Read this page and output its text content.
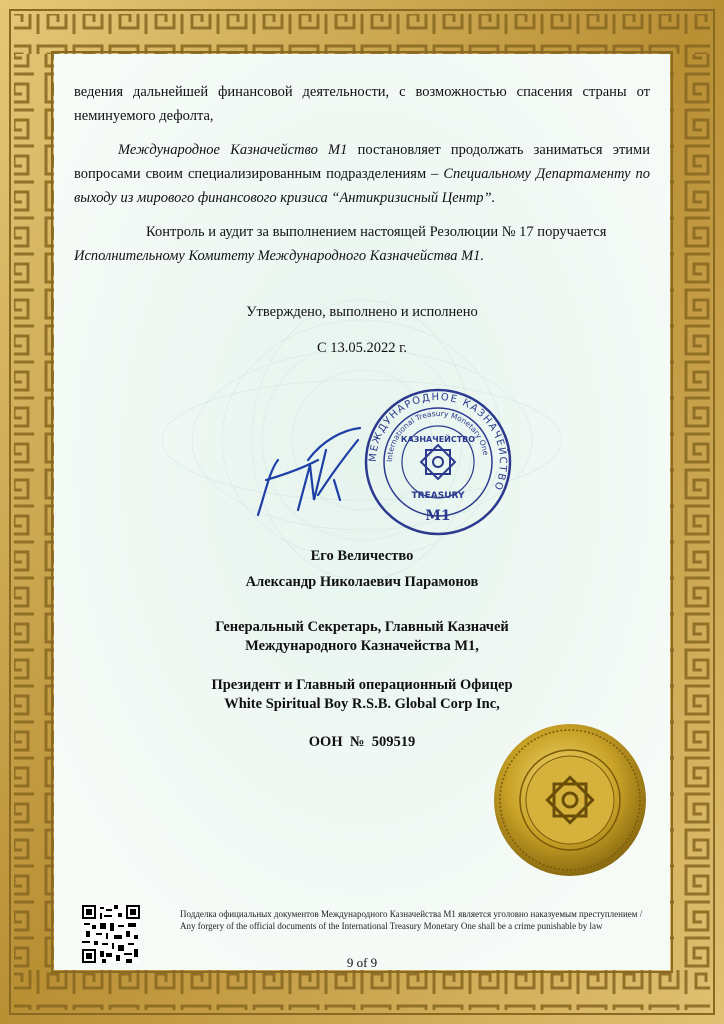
ведения дальнейшей финансовой деятельности, с возможностью спасения страны от неминуемого дефолта,

Международное Казначейство М1 постановляет продолжать заниматься этими вопросами своим специализированным подразделениям – Специальному Департаменту по выходу из мирового финансового кризиса “Антикризисный Центр”.

Контроль и аудит за выполнением настоящей Резолюции № 17 поручается Исполнительному Комитету Международного Казначейства М1.

Утверждено, выполнено и исполнено

С 13.05.2022 г.

МЕЖДУНАРОДНОЕ КАЗНАЧЕЙСТВО
International Treasury Monetary One
КАЗНАЧЕЙСТВО
TREASURY
М1
Его Величество
Александр Николаевич Парамонов
Генеральный Секретарь, Главный Казначей
Международного Казначейства М1,
Президент и Главный операционный Офицер
White Spiritual Boy R.S.B. Global Corp Inc,
ООН  №  509519
Подделка официальных документов Международного Казначейства М1 является уголовно наказуемым преступлением / Any forgery of the official documents of the International Treasury Monetary One shall be a crime punishable by law
9 of 9
